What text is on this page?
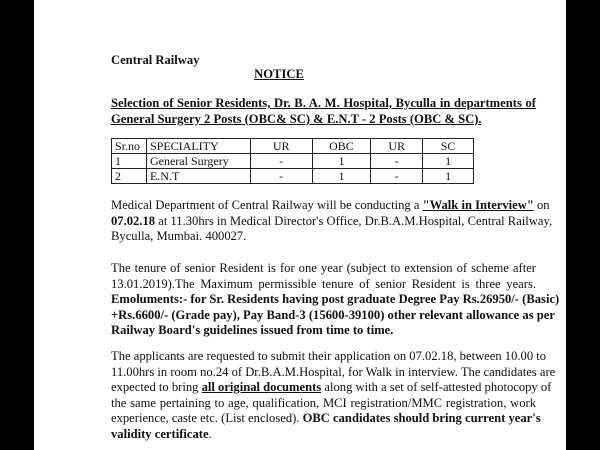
Central Railway
NOTICE
Selection of Senior Residents, Dr. B. A. M. Hospital, Byculla in departments of
General Surgery 2 Posts (OBC& SC) & E.N.T - 2 Posts (OBC & SC).
Sr.no	SPECIALITY	UR	OBC	UR	SC
1	General Surgery	-	1	-	1
2	E.N.T	-	1	-	1
Medical Department of Central Railway will be conducting a "Walk in Interview" on
07.02.18 at 11.30hrs in Medical Director's Office, Dr.B.A.M.Hospital, Central Railway,
Byculla, Mumbai. 400027.
The tenure of senior Resident is for one year (subject to extension of scheme after
13.01.2019).The Maximum permissible tenure of senior Resident is three years.
Emoluments:- for Sr. Residents having post graduate Degree Pay Rs.26950/- (Basic)
+Rs.6600/- (Grade pay), Pay Band-3 (15600-39100) other relevant allowance as per
Railway Board's guidelines issued from time to time.
The applicants are requested to submit their application on 07.02.18, between 10.00 to
11.00hrs in room no.24 of Dr.B.A.M.Hospital, for Walk in interview. The candidates are
expected to bring all original documents along with a set of self-attested photocopy of
the same pertaining to age, qualification, MCI registration/MMC registration, work
experience, caste etc. (List enclosed). OBC candidates should bring current year's
validity certificate.
